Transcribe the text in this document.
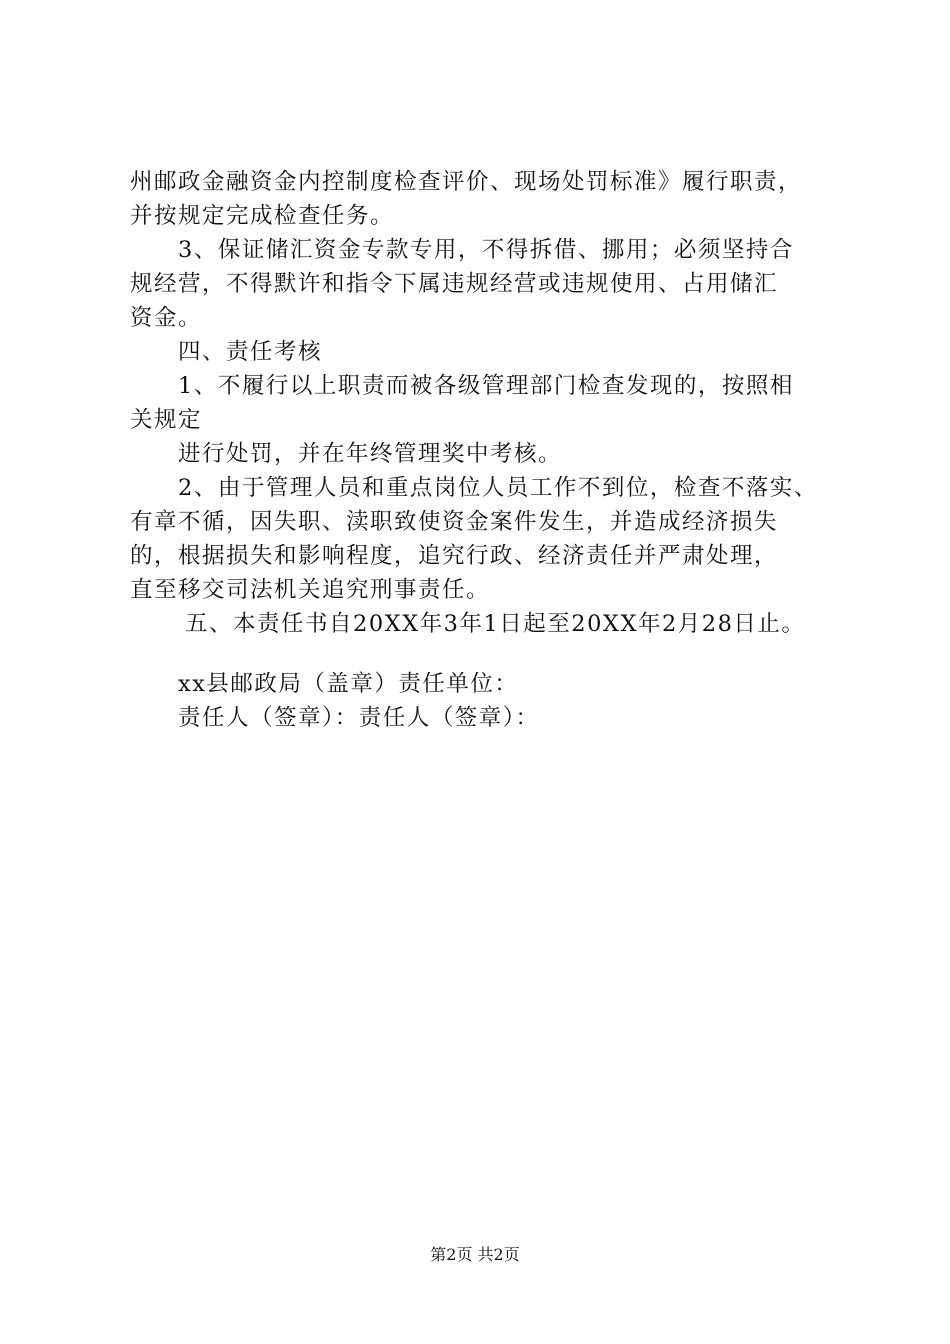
州邮政金融资金内控制度检查评价、现场处罚标准》履行职责，
并按规定完成检查任务。
3、保证储汇资金专款专用，不得拆借、挪用；必须坚持合
规经营，不得默许和指令下属违规经营或违规使用、占用储汇
资金。
四、责任考核
1、不履行以上职责而被各级管理部门检查发现的，按照相
关规定
进行处罚，并在年终管理奖中考核。
2、由于管理人员和重点岗位人员工作不到位，检查不落实、
有章不循，因失职、渎职致使资金案件发生，并造成经济损失
的，根据损失和影响程度，追究行政、经济责任并严肃处理，
直至移交司法机关追究刑事责任。
五、本责任书自20XX年3年1日起至20XX年2月28日止。
xx县邮政局（盖章）责任单位：
责任人（签章）：责任人（签章）：
第2页 共2页
